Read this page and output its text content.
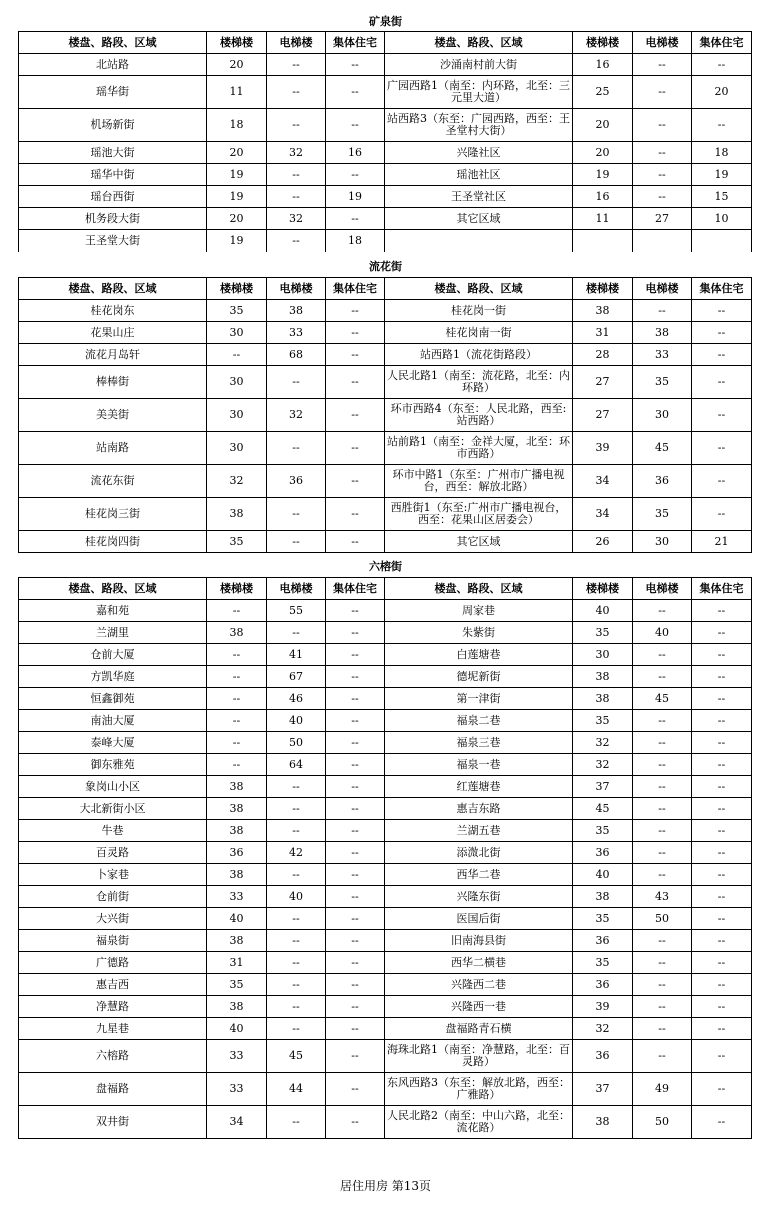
矿泉街
楼盘、路段、区域	楼梯楼	电梯楼	集体住宅	楼盘、路段、区域	楼梯楼	电梯楼	集体住宅
北站路	20	--	--	沙涌南村前大街	16	--	--
瑶华街	11	--	--	广园西路1（南至：内环路，北至：三元里大道）	25	--	20
机场新街	18	--	--	站西路3（东至：广园西路，西至：王圣堂村大街）	20	--	--
瑶池大街	20	32	16	兴隆社区	20	--	18
瑶华中街	19	--	--	瑶池社区	19	--	19
瑶台西街	19	--	19	王圣堂社区	16	--	15
机务段大街	20	32	--	其它区域	11	27	10
王圣堂大街	19	--	18				
流花街
楼盘、路段、区域	楼梯楼	电梯楼	集体住宅	楼盘、路段、区域	楼梯楼	电梯楼	集体住宅
桂花岗东	35	38	--	桂花岗一街	38	--	--
花果山庄	30	33	--	桂花岗南一街	31	38	--
流花月岛轩	--	68	--	站西路1（流花街路段）	28	33	--
棒棒街	30	--	--	人民北路1（南至：流花路，北至：内环路）	27	35	--
美美街	30	32	--	环市西路4（东至：人民北路，西至:站西路）	27	30	--
站南路	30	--	--	站前路1（南至：金祥大厦，北至：环市西路）	39	45	--
流花东街	32	36	--	环市中路1（东至：广州市广播电视台，西至：解放北路）	34	36	--
桂花岗三街	38	--	--	西胜街1（东至:广州市广播电视台，西至：花果山区居委会）	34	35	--
桂花岗四街	35	--	--	其它区域	26	30	21
六榕街
楼盘、路段、区域	楼梯楼	电梯楼	集体住宅	楼盘、路段、区域	楼梯楼	电梯楼	集体住宅
嘉和苑	--	55	--	周家巷	40	--	--
兰湖里	38	--	--	朱紫街	35	40	--
仓前大厦	--	41	--	白莲塘巷	30	--	--
方凯华庭	--	67	--	德坭新街	38	--	--
恒鑫御苑	--	46	--	第一津街	38	45	--
南油大厦	--	40	--	福泉二巷	35	--	--
泰峰大厦	--	50	--	福泉三巷	32	--	--
御东雅苑	--	64	--	福泉一巷	32	--	--
象岗山小区	38	--	--	红莲塘巷	37	--	--
大北新街小区	38	--	--	惠吉东路	45	--	--
牛巷	38	--	--	兰湖五巷	35	--	--
百灵路	36	42	--	添溦北街	36	--	--
卜家巷	38	--	--	西华二巷	40	--	--
仓前街	33	40	--	兴隆东街	38	43	--
大兴街	40	--	--	医国后街	35	50	--
福泉街	38	--	--	旧南海县街	36	--	--
广德路	31	--	--	西华二横巷	35	--	--
惠吉西	35	--	--	兴隆西二巷	36	--	--
净慧路	38	--	--	兴隆西一巷	39	--	--
九星巷	40	--	--	盘福路青石横	32	--	--
六榕路	33	45	--	海珠北路1（南至：净慧路，北至：百灵路）	36	--	--
盘福路	33	44	--	东风西路3（东至：解放北路，西至：广雅路）	37	49	--
双井街	34	--	--	人民北路2（南至：中山六路，北至：流花路）	38	50	--
居住用房 第13页
